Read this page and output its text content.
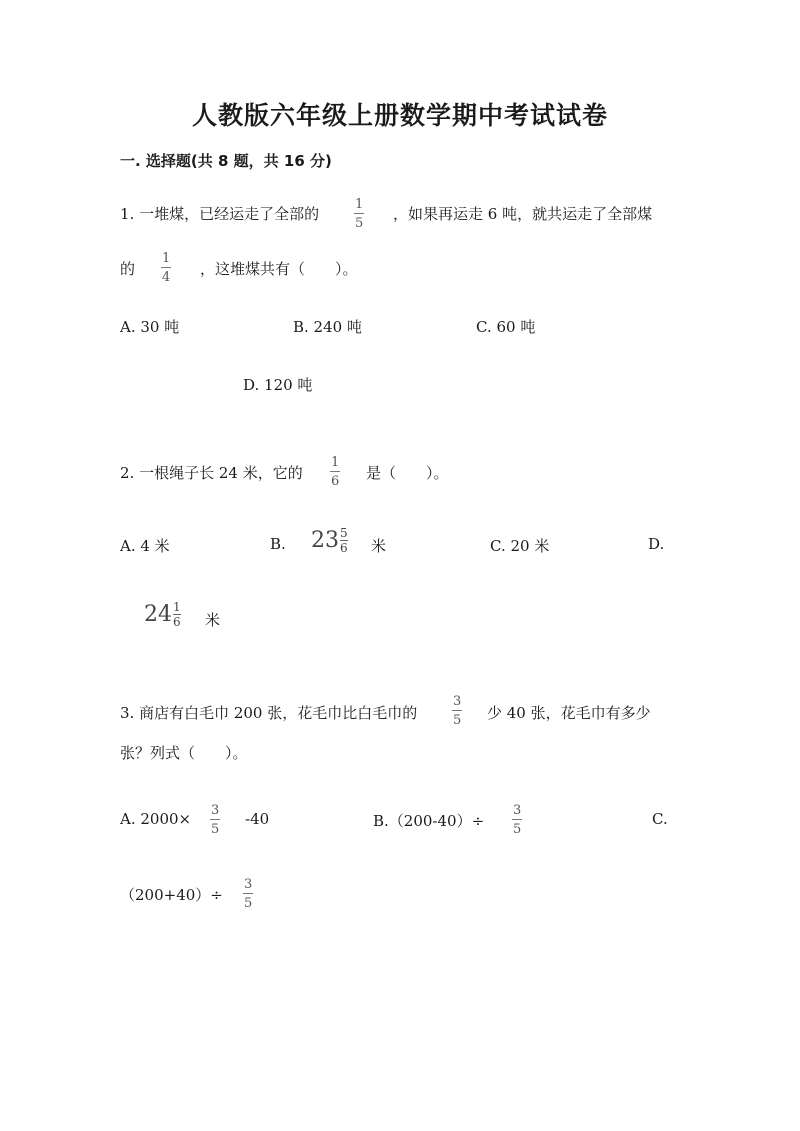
人教版六年级上册数学期中考试试卷
一. 选择题(共 8 题，共 16 分)
1. 一堆煤，已经运走了全部的
1
5
，如果再运走 6 吨，就共运走了全部煤
的
1
4 ，这堆煤共有（　　）。
A. 30 吨	B. 240 吨	C. 60 吨
D. 120 吨
2. 一根绳子长 24 米，它的
1
6 是（　　）。
A. 4 米	B. 23 5
6 米	C. 20 米	D.
24 1
6 米
3. 商店有白毛巾 200 张，花毛巾比白毛巾的
3
5 少 40 张，花毛巾有多少
张？列式（　　）。
A. 2000× 3
5
-40	B.（200-40）÷
3
5
C.
（200+40）÷
3
5
